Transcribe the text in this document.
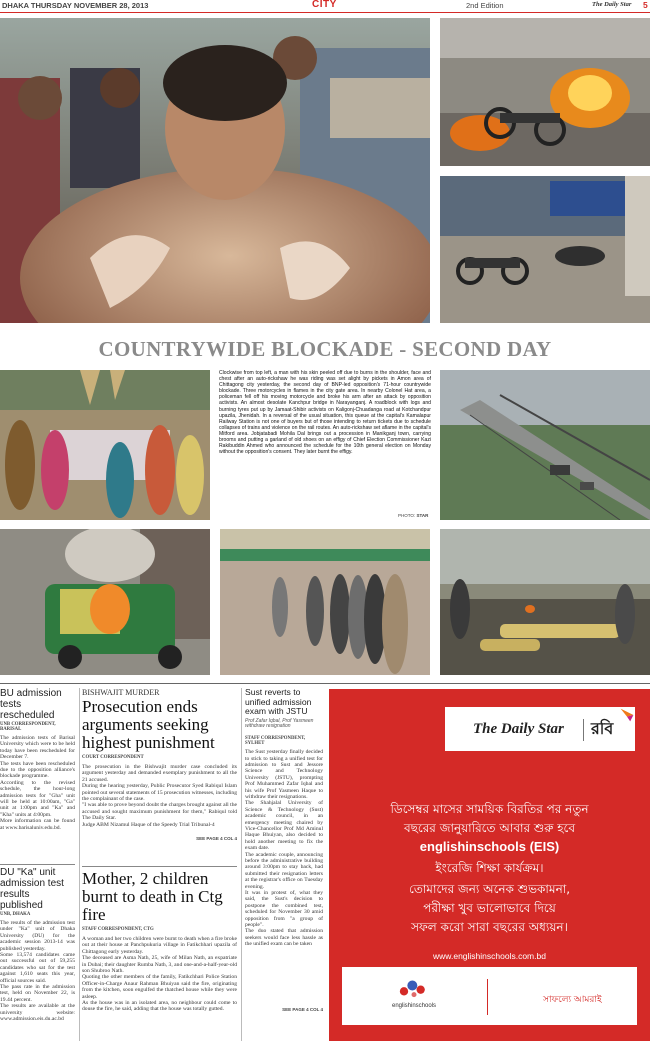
DHAKA THURSDAY NOVEMBER 28, 2013	CITY	2nd Edition	The Daily Star 5
COUNTRYWIDE BLOCKADE - SECOND DAY
Clockwise from top left, a man with his skin peeled off due to burns in the shoulder, face and chest after an auto-rickshaw he was riding was set alight by pickets in Amon area of Chittagong city yesterday, the second day of BNP-led opposition's 71-hour countrywide blockade. Three motorcycles in flames in the city gate area. In nearby Colonel Hat area, a policeman fell off his moving motorcycle and broke his arm after an attack by opposition activists. An almost desolate Kanchpur bridge in Narayanganj. A roadblock with logs and burning tyres put up by Jamaat-Shibir activists on Kaligonj-Chuadanga road at Kotchandpur upazila, Jhenidah. In a reversal of the usual situation, this queue at the capital's Kamalapur Railway Station is not one of buyers but of those intending to return tickets due to schedule collapses of trains and violence on the rail routes. An auto-rickshaw set aflame in the capital's Mitford area. Jobjatabadi Mohila Dal brings out a procession in Manikganj town, carrying brooms and putting a garland of old shoes on an effigy of Chief Election Commissioner Kazi Rakibuddin Ahmed who announced the schedule for the 10th general election on Monday without the opposition's consent. They later burnt the effigy.
PHOTO: STAR
BU admission tests rescheduled
UNB CORRESPONDENT, BARISAL
The admission tests of Barisal University which were to be held today have been rescheduled for December 7.
The tests have been rescheduled due to the opposition alliance's blockade programme.
According to the revised schedule, the hour-long admission tests for "Gha" unit will be held at 10:00am, "Ga" unit at 1:00pm and "Ka" and "Kha" units at 4:00pm.
More information can be found at www.barisaluniv.edu.bd.
DU "Ka" unit admission test results published
UNB, DHAKA
The results of the admission test under "Ka" unit of Dhaka University (DU) for the academic session 2013-14 was published yesterday.
Some 13,574 candidates came out successful out of 59,255 candidates who sat for the test against 1,610 seats this year, official sources said.
The pass rate in the admission test, held on November 22, is 19.44 percent.
The results are available at the university website: www.admission.eis.du.ac.bd
BISHWAJIT MURDER
Prosecution ends arguments seeking highest punishment
COURT CORRESPONDENT
The prosecution in the Bishwajit murder case concluded its argument yesterday and demanded exemplary punishment to all the 21 accused.
During the hearing yesterday, Public Prosecutor Syed Rabiqul Islam pointed out several statements of 15 prosecution witnesses, including the complainant of the case.
"I was able to prove beyond doubt the charges brought against all the accused and sought maximum punishment for them," Rabiqul told The Daily Star.
Judge ABM Nizamul Haque of the Speedy Trial Tribunal-4
SEE PAGE 4 COL 4
Mother, 2 children burnt to death in Ctg fire
STAFF CORRESPONDENT, CTG
A woman and her two children were burnt to death when a fire broke out at their house at Panchpukuria village in Fatikchhari upazila of Chittagong early yesterday.
The deceased are Asma Nath, 25, wife of Milan Nath, an expatriate in Dubai; their daughter Rumba Nath, 3, and one-and-a-half-year-old son Shubroo Nath.
Quoting the other members of the family, Fatikchhari Police Station Officer-in-Charge Anaur Rahman Bhuiyan said the fire, originating from the kitchen, soon engulfed the thatched house while they were asleep.
As the house was in an isolated area, no neighbour could come to douse the fire, he said, adding that the house was totally gutted.
Sust reverts to unified admission exam with JSTU
Prof Zafar Iqbal, Prof Yasmeen withdraw resignation
STAFF CORRESPONDENT, SYLHET
The Sust yesterday finally decided to stick to taking a unified test for admission to Sust and Jessore Science and Technology University (JSTU), prompting Prof Muhammed Zafar Iqbal and his wife Prof Yasmeen Haque to withdraw their resignations.
The Shahjalal University of Science & Technology (Sust) academic council, in an emergency meeting chaired by Vice-Chancellor Prof Md Aminul Haque Bhuiyan, also decided to hold another meeting to fix the exam date.
The academic couple, announcing before the administrative building around 3:00pm to stay back, had submitted their resignation letters at the registrar's office on Tuesday evening.
It was in protest of, what they said, the Sust's decision to postpone the combined test, scheduled for November 30 amid opposition from "a group of people".
The duo stated that admission seekers would face less hassle as the unified exam can be taken
SEE PAGE 4 COL 4
The Daily Star রবি
ডিসেম্বর মাসের সাময়িক বিরতির পর নতুন
বছরের জানুয়ারিতে আবার শুরু হবে
englishinschools (EIS)
ইংরেজি শিক্ষা কার্যক্রম।
তোমাদের জন্য অনেক শুভকামনা,
পরীক্ষা খুব ভালোভাবে দিয়ে
সফল করো সারা বছরের অধ্যয়ন।
www.englishinschools.com.bd
englishinschools
সাফল্যে আমরাই
